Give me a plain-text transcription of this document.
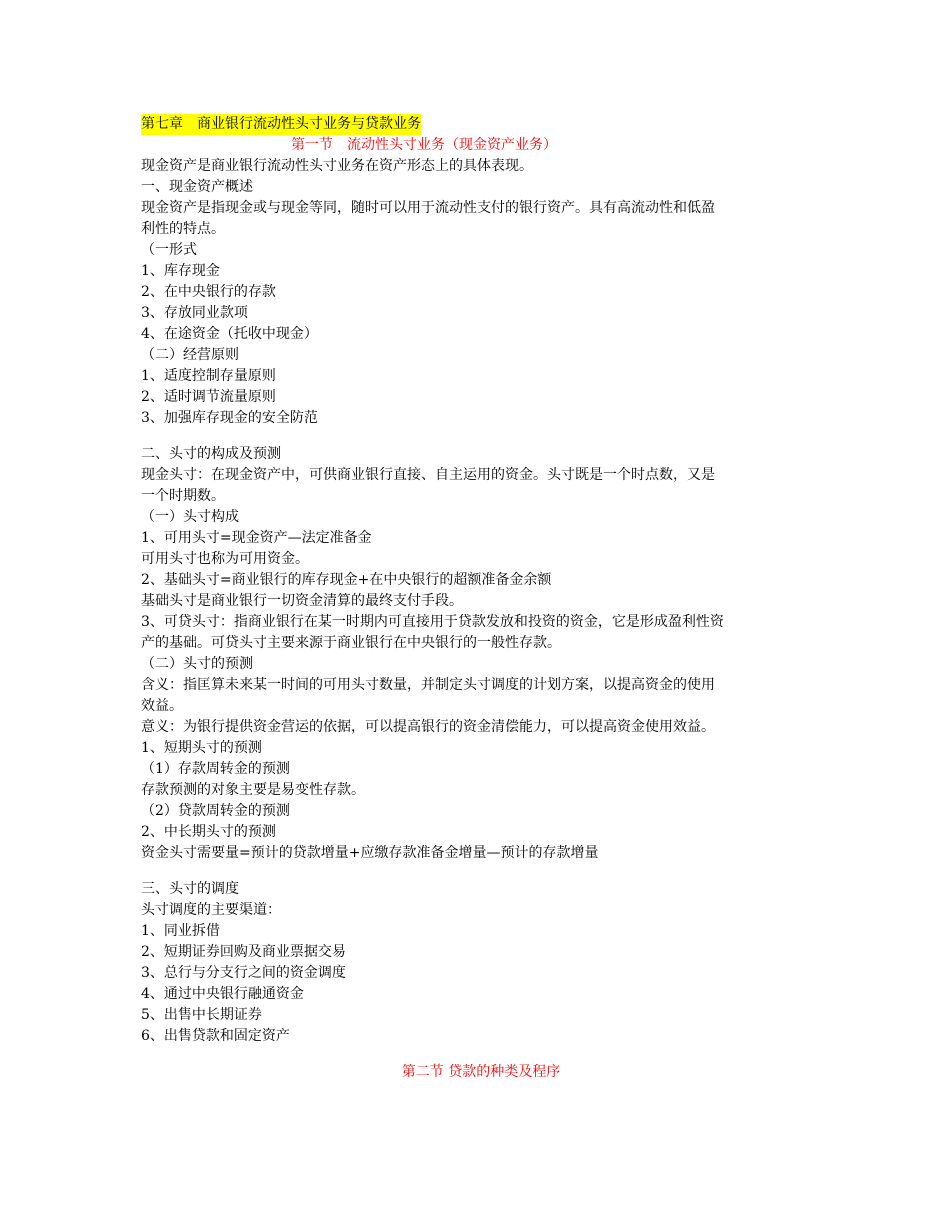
第七章　商业银行流动性头寸业务与贷款业务
第一节　流动性头寸业务（现金资产业务）
现金资产是商业银行流动性头寸业务在资产形态上的具体表现。
一、现金资产概述
现金资产是指现金或与现金等同，随时可以用于流动性支付的银行资产。具有高流动性和低盈
利性的特点。
（一形式
1、库存现金
2、在中央银行的存款
3、存放同业款项
4、在途资金（托收中现金）
（二）经营原则
1、适度控制存量原则
2、适时调节流量原则
3、加强库存现金的安全防范
二、头寸的构成及预测
现金头寸：在现金资产中，可供商业银行直接、自主运用的资金。头寸既是一个时点数，又是
一个时期数。
（一）头寸构成
1、可用头寸=现金资产—法定准备金
可用头寸也称为可用资金。
2、基础头寸=商业银行的库存现金+在中央银行的超额准备金余额
基础头寸是商业银行一切资金清算的最终支付手段。
3、可贷头寸：指商业银行在某一时期内可直接用于贷款发放和投资的资金，它是形成盈利性资
产的基础。可贷头寸主要来源于商业银行在中央银行的一般性存款。
（二）头寸的预测
含义：指匡算未来某一时间的可用头寸数量，并制定头寸调度的计划方案，以提高资金的使用
效益。
意义：为银行提供资金营运的依据，可以提高银行的资金清偿能力，可以提高资金使用效益。
1、短期头寸的预测
（1）存款周转金的预测
存款预测的对象主要是易变性存款。
（2）贷款周转金的预测
2、中长期头寸的预测
资金头寸需要量=预计的贷款增量+应缴存款准备金增量—预计的存款增量
三、头寸的调度
头寸调度的主要渠道：
1、同业拆借
2、短期证券回购及商业票据交易
3、总行与分支行之间的资金调度
4、通过中央银行融通资金
5、出售中长期证券
6、出售贷款和固定资产
第二节 贷款的种类及程序
